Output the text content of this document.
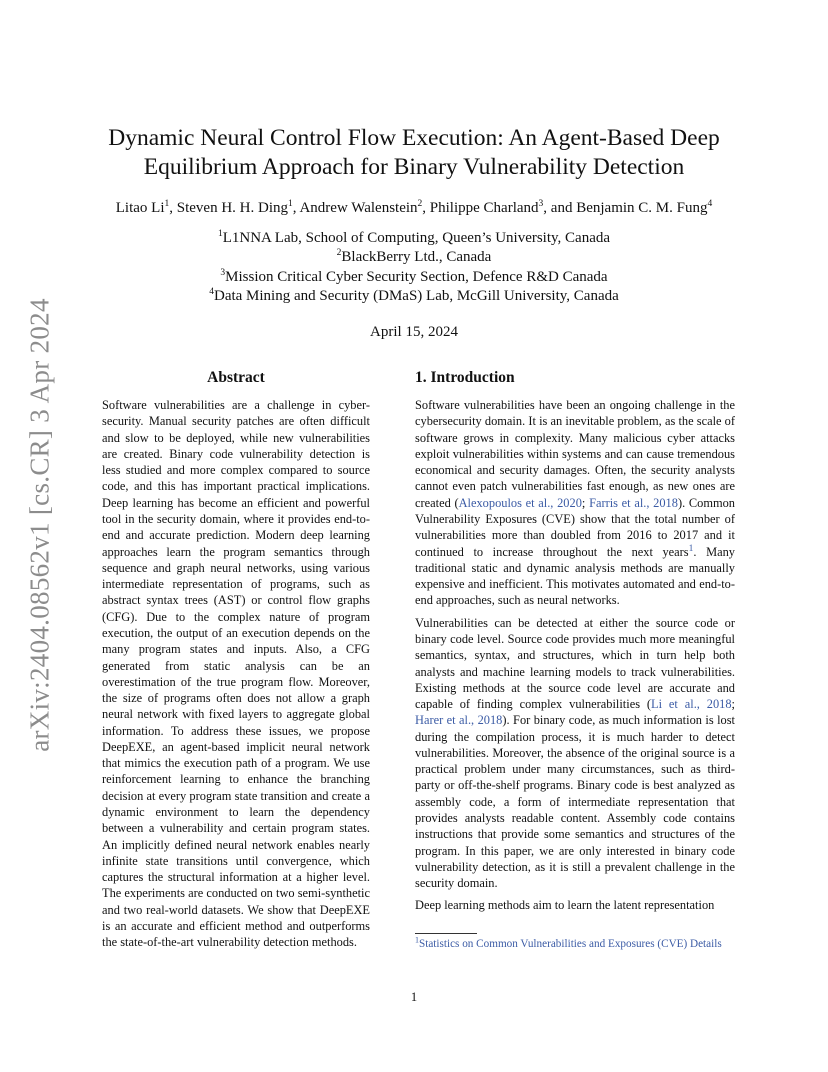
arXiv:2404.08562v1 [cs.CR] 3 Apr 2024
Dynamic Neural Control Flow Execution: An Agent-Based Deep Equilibrium Approach for Binary Vulnerability Detection
Litao Li$^1$, Steven H. H. Ding$^1$, Andrew Walenstein$^2$, Philippe Charland$^3$, and Benjamin C. M. Fung$^4$
$^1$L1NNA Lab, School of Computing, Queen’s University, Canada
$^2$BlackBerry Ltd., Canada
$^3$Mission Critical Cyber Security Section, Defence R&D Canada
$^4$Data Mining and Security (DMaS) Lab, McGill University, Canada
April 15, 2024
Abstract

Software vulnerabilities are a challenge in cyber-security. Manual security patches are often difficult and slow to be deployed, while new vulnerabilities are created. Binary code vulnerability detection is less studied and more complex compared to source code, and this has important practical implications. Deep learning has become an efficient and powerful tool in the security domain, where it provides end-to-end and accurate prediction. Modern deep learning approaches learn the program semantics through sequence and graph neural networks, using various intermediate representation of programs, such as abstract syntax trees (AST) or control flow graphs (CFG). Due to the complex nature of program execution, the output of an execution depends on the many program states and inputs. Also, a CFG generated from static analysis can be an overestimation of the true program flow. Moreover, the size of programs often does not allow a graph neural network with fixed layers to aggregate global information. To address these issues, we propose DeepEXE, an agent-based implicit neural network that mimics the execution path of a program. We use reinforcement learning to enhance the branching decision at every program state transition and create a dynamic environment to learn the dependency between a vulnerability and certain program states. An implicitly defined neural network enables nearly infinite state transitions until convergence, which captures the structural information at a higher level. The experiments are conducted on two semi-synthetic and two real-world datasets. We show that DeepEXE is an accurate and efficient method and outperforms the state-of-the-art vulnerability detection methods.

1. Introduction

Software vulnerabilities have been an ongoing challenge in the cybersecurity domain. It is an inevitable problem, as the scale of software grows in complexity. Many malicious cyber attacks exploit vulnerabilities within systems and can cause tremendous economical and security damages. Often, the security analysts cannot even patch vulnerabilities fast enough, as new ones are created (Alexopoulos et al., 2020; Farris et al., 2018). Common Vulnerability Exposures (CVE) show that the total number of vulnerabilities more than doubled from 2016 to 2017 and it continued to increase throughout the next years$^1$. Many traditional static and dynamic analysis methods are manually expensive and inefficient. This motivates automated and end-to-end approaches, such as neural networks.

Vulnerabilities can be detected at either the source code or binary code level. Source code provides much more meaningful semantics, syntax, and structures, which in turn help both analysts and machine learning models to track vulnerabilities. Existing methods at the source code level are accurate and capable of finding complex vulnerabilities (Li et al., 2018; Harer et al., 2018). For binary code, as much information is lost during the compilation process, it is much harder to detect vulnerabilities. Moreover, the absence of the original source is a practical problem under many circumstances, such as third-party or off-the-shelf programs. Binary code is best analyzed as assembly code, a form of intermediate representation that provides analysts readable content. Assembly code contains instructions that provide some semantics and structures of the program. In this paper, we are only interested in binary code vulnerability detection, as it is still a prevalent challenge in the security domain.

Deep learning methods aim to learn the latent representation

$^1$Statistics on Common Vulnerabilities and Exposures (CVE) Details
1
